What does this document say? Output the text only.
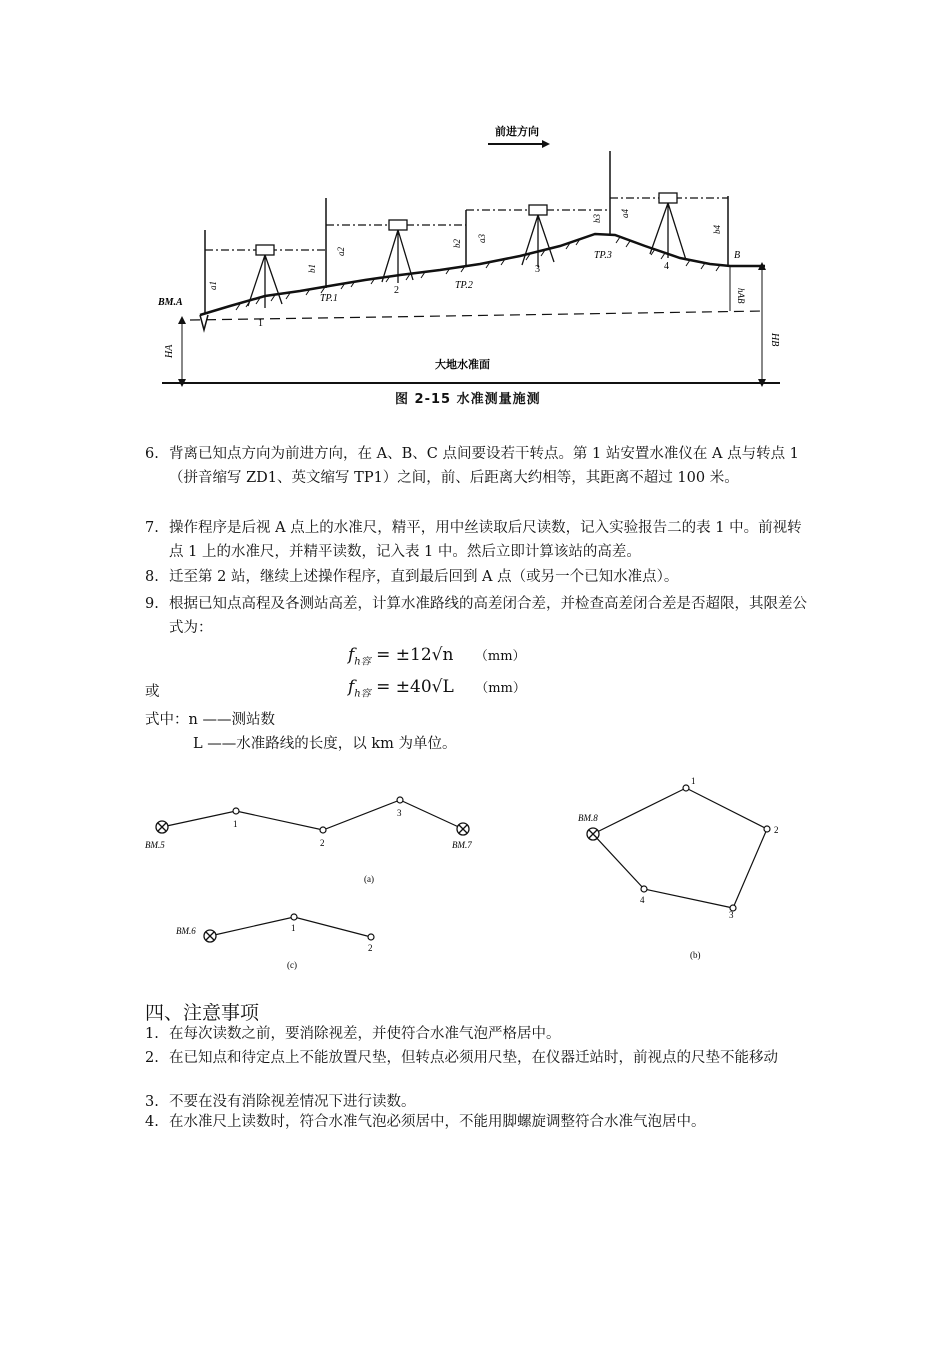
前进方向
大地水准面
HA
HB
hAB
BM.A
1
2
3	4
TP.1
TP.2
TP.3	B
a1
b1
a2
b2
a3
b3
a4
b4
图 2-15 水准测量施测
6. 背离已知点方向为前进方向，在 A、B、C 点间要设若干转点。第 1 站安置水准仪在 A 点与转点 1（拼音缩写 ZD1、英文缩写 TP1）之间，前、后距离大约相等，其距离不超过 100 米。
7. 操作程序是后视 A 点上的水准尺，精平，用中丝读取后尺读数，记入实验报告二的表 1 中。前视转点 1 上的水准尺，并精平读数，记入表 1 中。然后立即计算该站的高差。
8. 迁至第 2 站，继续上述操作程序，直到最后回到 A 点（或另一个已知水准点）。
9. 根据已知点高程及各测站高差，计算水准路线的高差闭合差，并检查高差闭合差是否超限，其限差公式为：
$f_{h容} = \pm 12√n$ （mm）
或	$f_{h容} = \pm 40√L$ （mm）
式中：n ——测站数
L ——水准路线的长度，以 km 为单位。
BM.5
1
2
3
BM.7
(a)
BM.6	1
2
(c)
BM.8
1
2
3
4
(b)
四、注意事项
1. 在每次读数之前，要消除视差，并使符合水准气泡严格居中。
2. 在已知点和待定点上不能放置尺垫，但转点必须用尺垫，在仪器迁站时，前视点的尺垫不能移动
3. 不要在没有消除视差情况下进行读数。
4. 在水准尺上读数时，符合水准气泡必须居中，不能用脚螺旋调整符合水准气泡居中。
